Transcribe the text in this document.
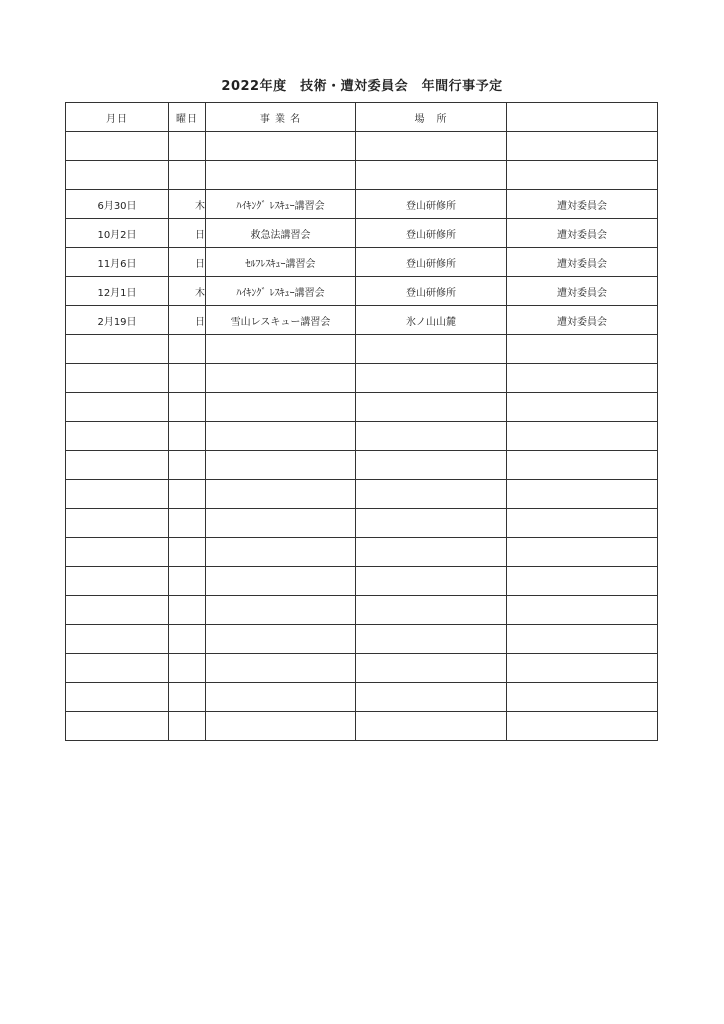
2022年度　技術・遭対委員会　年間行事予定
月日	曜日	事 業 名	場　所	

6月30日	木	ﾊｲｷﾝｸﾞ ﾚｽｷｭｰ講習会	登山研修所	遭対委員会
10月2日	日	救急法講習会	登山研修所	遭対委員会
11月6日	日	ｾﾙﾌﾚｽｷｭｰ講習会	登山研修所	遭対委員会
12月1日	木	ﾊｲｷﾝｸﾞ ﾚｽｷｭｰ講習会	登山研修所	遭対委員会
2月19日	日	雪山レスキュー講習会	氷ノ山山麓	遭対委員会
